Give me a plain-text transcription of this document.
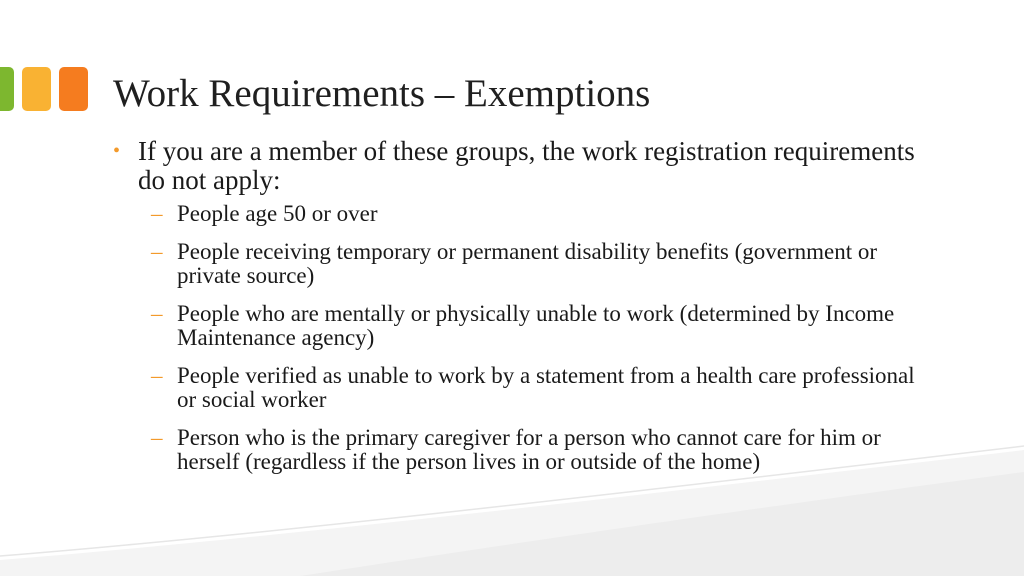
Work Requirements – Exemptions
• If you are a member of these groups, the work registration requirements do not apply:
– People age 50 or over
– People receiving temporary or permanent disability benefits (government or private source)
– People who are mentally or physically unable to work (determined by Income Maintenance agency)
– People verified as unable to work by a statement from a health care professional or social worker
– Person who is the primary caregiver for a person who cannot care for him or herself (regardless if the person lives in or outside of the home)
